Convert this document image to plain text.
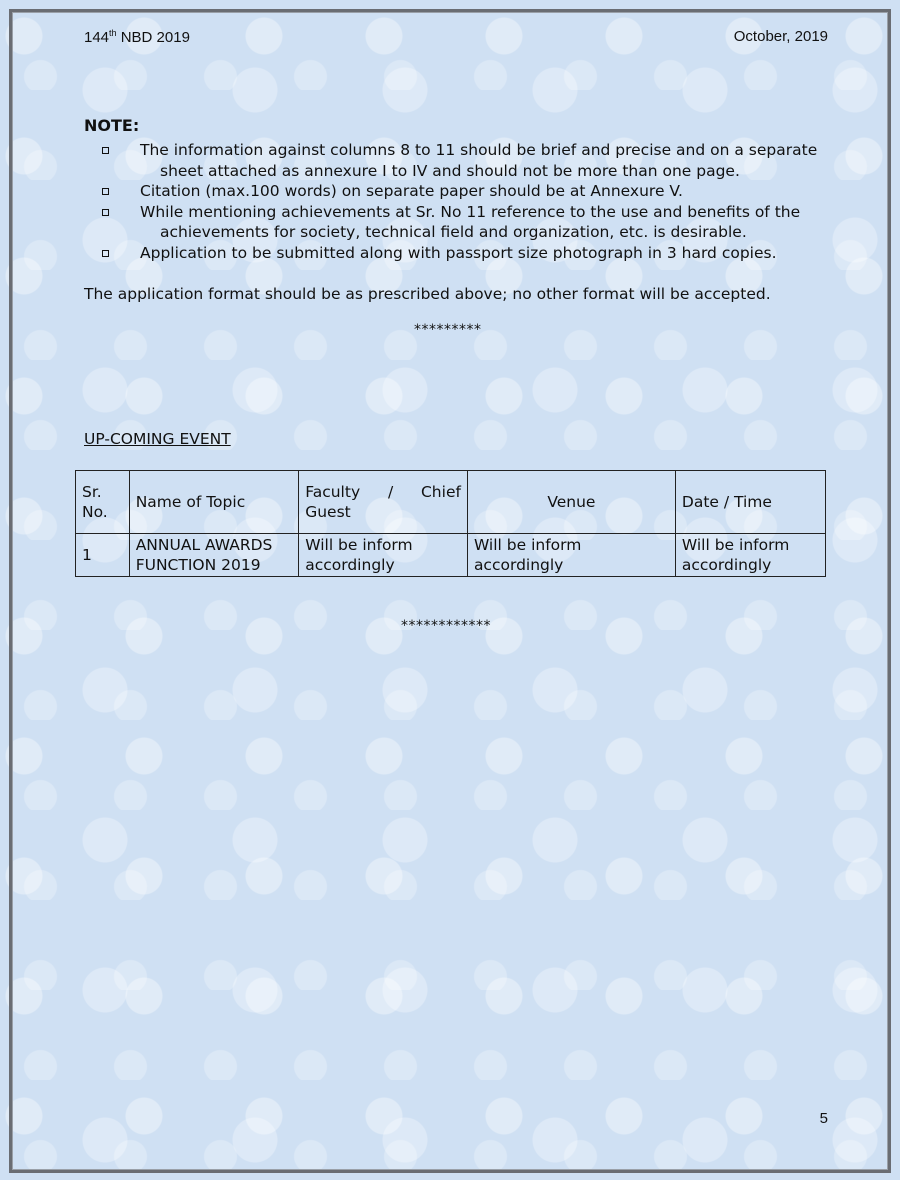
144th NBD 2019	October, 2019
NOTE:
The information against columns 8 to 11 should be brief and precise and on a separate
sheet attached as annexure I to IV and should not be more than one page.
Citation (max.100 words) on separate paper should be at Annexure V.
While mentioning achievements at Sr. No 11 reference to the use and benefits of the
achievements for society, technical field and organization, etc. is desirable.
Application to be submitted along with passport size photograph in 3 hard copies.
The application format should be as prescribed above; no other format will be accepted.
*********
UP-COMING EVENT
Sr. No.	Name of Topic	Faculty / Chief Guest	Venue	Date / Time
1	ANNUAL AWARDS FUNCTION 2019	Will be inform accordingly	Will be inform accordingly	Will be inform accordingly
************
5
